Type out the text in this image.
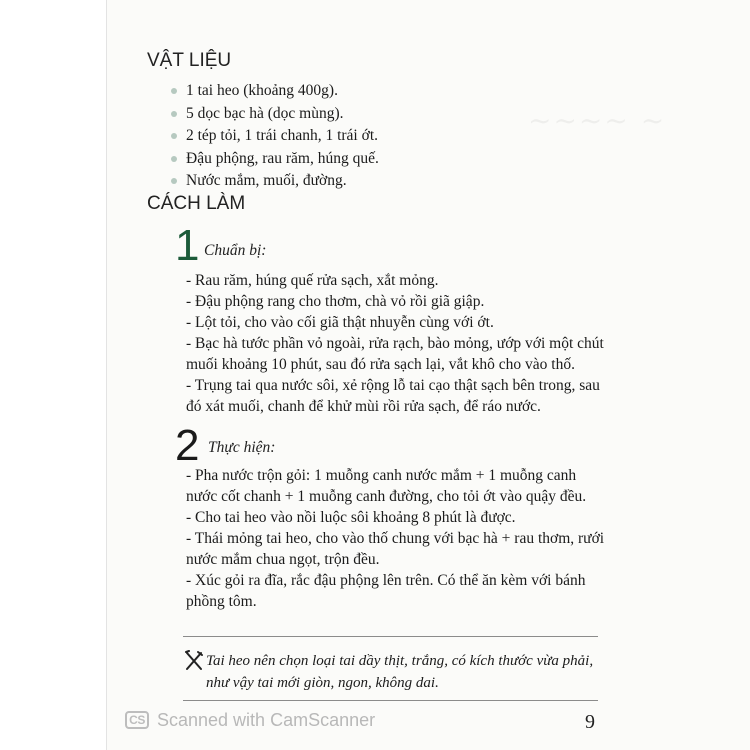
~~~~ ~
VẬT LIỆU
1 tai heo (khoảng 400g).
5 dọc bạc hà (dọc mùng).
2 tép tỏi, 1 trái chanh, 1 trái ớt.
Đậu phộng, rau răm, húng quế.
Nước mắm, muối, đường.
CÁCH LÀM
1 Chuẩn bị:
- Rau răm, húng quế rửa sạch, xắt mỏng.
- Đậu phộng rang cho thơm, chà vỏ rồi giã giập.
- Lột tỏi, cho vào cối giã thật nhuyễn cùng với ớt.
- Bạc hà tước phần vỏ ngoài, rửa rạch, bào mỏng, ướp với một chút
muối khoảng 10 phút, sau đó rửa sạch lại, vắt khô cho vào thố.
- Trụng tai qua nước sôi, xẻ rộng lỗ tai cạo thật sạch bên trong, sau
đó xát muối, chanh để khử mùi rồi rửa sạch, để ráo nước.
2 Thực hiện:
- Pha nước trộn gỏi: 1 muỗng canh nước mắm + 1 muỗng canh
nước cốt chanh + 1 muỗng canh đường, cho tỏi ớt vào quậy đều.
- Cho tai heo vào nồi luộc sôi khoảng 8 phút là được.
- Thái mỏng tai heo, cho vào thố chung với bạc hà + rau thơm, rưới
nước mắm chua ngọt, trộn đều.
- Xúc gỏi ra đĩa, rắc đậu phộng lên trên. Có thể ăn kèm với bánh
phồng tôm.
Tai heo nên chọn loại tai dầy thịt, trắng, có kích thước vừa phải,
như vậy tai mới giòn, ngon, không dai.
CS Scanned with CamScanner	9
